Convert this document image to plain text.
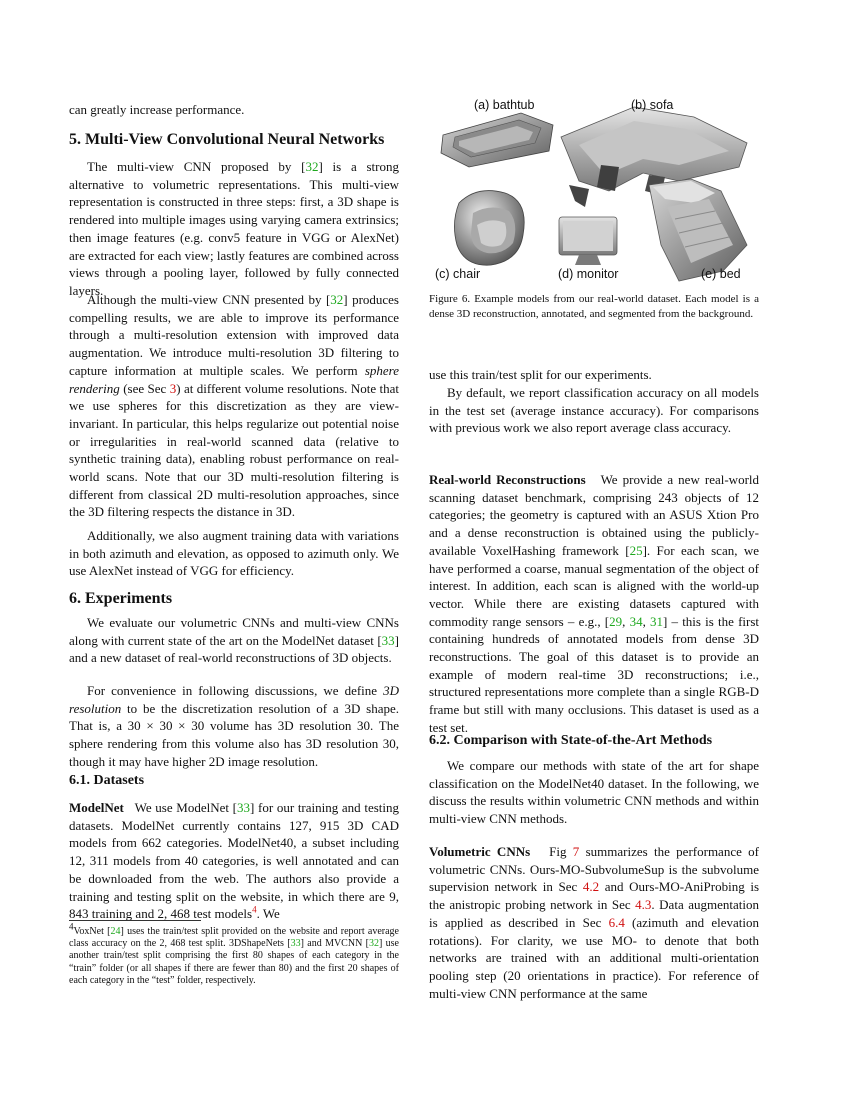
can greatly increase performance.

5. Multi-View Convolutional Neural Networks

The multi-view CNN proposed by [32] is a strong alternative to volumetric representations. This multi-view representation is constructed in three steps: first, a 3D shape is rendered into multiple images using varying camera extrinsics; then image features (e.g. conv5 feature in VGG or AlexNet) are extracted for each view; lastly features are combined across views through a pooling layer, followed by fully connected layers.

Although the multi-view CNN presented by [32] produces compelling results, we are able to improve its performance through a multi-resolution extension with improved data augmentation. We introduce multi-resolution 3D filtering to capture information at multiple scales. We perform sphere rendering (see Sec 3) at different volume resolutions. Note that we use spheres for this discretization as they are view-invariant. In particular, this helps regularize out potential noise or irregularities in real-world scanned data (relative to synthetic training data), enabling robust performance on real-world scans. Note that our 3D multi-resolution filtering is different from classical 2D multi-resolution approaches, since the 3D filtering respects the distance in 3D.

Additionally, we also augment training data with variations in both azimuth and elevation, as opposed to azimuth only. We use AlexNet instead of VGG for efficiency.

6. Experiments

We evaluate our volumetric CNNs and multi-view CNNs along with current state of the art on the ModelNet dataset [33] and a new dataset of real-world reconstructions of 3D objects.

For convenience in following discussions, we define 3D resolution to be the discretization resolution of a 3D shape. That is, a 30 × 30 × 30 volume has 3D resolution 30. The sphere rendering from this volume also has 3D resolution 30, though it may have higher 2D image resolution.

6.1. Datasets

ModelNet We use ModelNet [33] for our training and testing datasets. ModelNet currently contains 127, 915 3D CAD models from 662 categories. ModelNet40, a subset including 12, 311 models from 40 categories, is well annotated and can be downloaded from the web. The authors also provide a training and testing split on the website, in which there are 9, 843 training and 2, 468 test models$^4$. We

$^4$VoxNet [24] uses the train/test split provided on the website and report average class accuracy on the 2, 468 test split. 3DShapeNets [33] and MVCNN [32] use another train/test split comprising the first 80 shapes of each category in the “train” folder (or all shapes if there are fewer than 80) and the first 20 shapes of each category in the “test” folder, respectively.

(a) bathtub	(b) sofa
(c) chair	(d) monitor	(e) bed

Figure 6. Example models from our real-world dataset. Each model is a dense 3D reconstruction, annotated, and segmented from the background.

use this train/test split for our experiments.

By default, we report classification accuracy on all models in the test set (average instance accuracy). For comparisons with previous work we also report average class accuracy.

Real-world Reconstructions We provide a new real-world scanning dataset benchmark, comprising 243 objects of 12 categories; the geometry is captured with an ASUS Xtion Pro and a dense reconstruction is obtained using the publicly-available VoxelHashing framework [25]. For each scan, we have performed a coarse, manual segmentation of the object of interest. In addition, each scan is aligned with the world-up vector. While there are existing datasets captured with commodity range sensors – e.g., [29, 34, 31] – this is the first containing hundreds of annotated models from dense 3D reconstructions. The goal of this dataset is to provide an example of modern real-time 3D reconstructions; i.e., structured representations more complete than a single RGB-D frame but still with many occlusions. This dataset is used as a test set.

6.2. Comparison with State-of-the-Art Methods

We compare our methods with state of the art for shape classification on the ModelNet40 dataset. In the following, we discuss the results within volumetric CNN methods and within multi-view CNN methods.

Volumetric CNNs Fig 7 summarizes the performance of volumetric CNNs. Ours-MO-SubvolumeSup is the subvolume supervision network in Sec 4.2 and Ours-MO-AniProbing is the anistropic probing network in Sec 4.3. Data augmentation is applied as described in Sec 6.4 (azimuth and elevation rotations). For clarity, we use MO- to denote that both networks are trained with an additional multi-orientation pooling step (20 orientations in practice). For reference of multi-view CNN performance at the same
